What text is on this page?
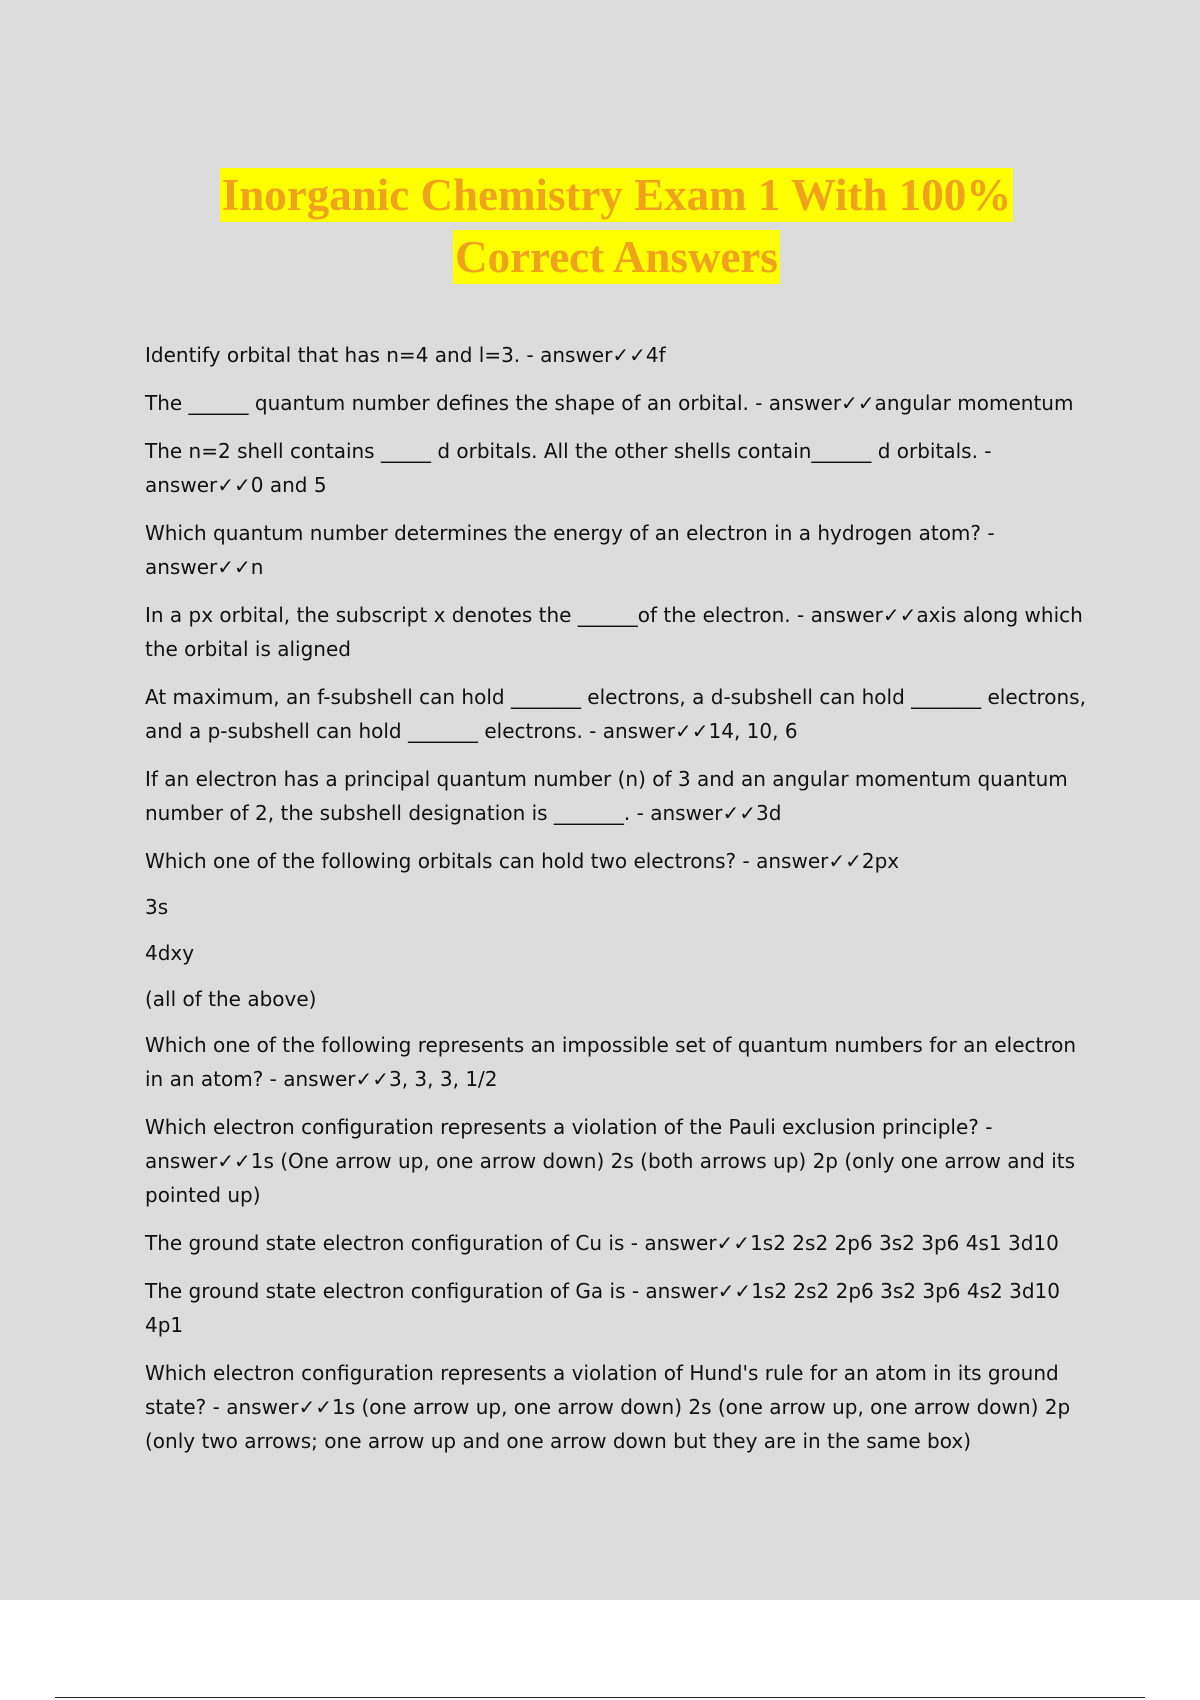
Inorganic Chemistry Exam 1 With 100%
Correct Answers

Identify orbital that has n=4 and l=3. - answer✓✓4f

The ______ quantum number defines the shape of an orbital. - answer✓✓angular momentum

The n=2 shell contains _____ d orbitals. All the other shells contain______ d orbitals. - answer✓✓0 and 5

Which quantum number determines the energy of an electron in a hydrogen atom? - answer✓✓n

In a px orbital, the subscript x denotes the ______of the electron. - answer✓✓axis along which the orbital is aligned

At maximum, an f-subshell can hold _______ electrons, a d-subshell can hold _______ electrons, and a p-subshell can hold _______ electrons. - answer✓✓14, 10, 6

If an electron has a principal quantum number (n) of 3 and an angular momentum quantum number of 2, the subshell designation is _______. - answer✓✓3d

Which one of the following orbitals can hold two electrons? - answer✓✓2px

3s

4dxy

(all of the above)

Which one of the following represents an impossible set of quantum numbers for an electron in an atom? - answer✓✓3, 3, 3, 1/2

Which electron configuration represents a violation of the Pauli exclusion principle? - answer✓✓1s (One arrow up, one arrow down) 2s (both arrows up) 2p (only one arrow and its pointed up)

The ground state electron configuration of Cu is - answer✓✓1s2 2s2 2p6 3s2 3p6 4s1 3d10

The ground state electron configuration of Ga is - answer✓✓1s2 2s2 2p6 3s2 3p6 4s2 3d10 4p1

Which electron configuration represents a violation of Hund's rule for an atom in its ground state? - answer✓✓1s (one arrow up, one arrow down) 2s (one arrow up, one arrow down) 2p (only two arrows; one arrow up and one arrow down but they are in the same box)
